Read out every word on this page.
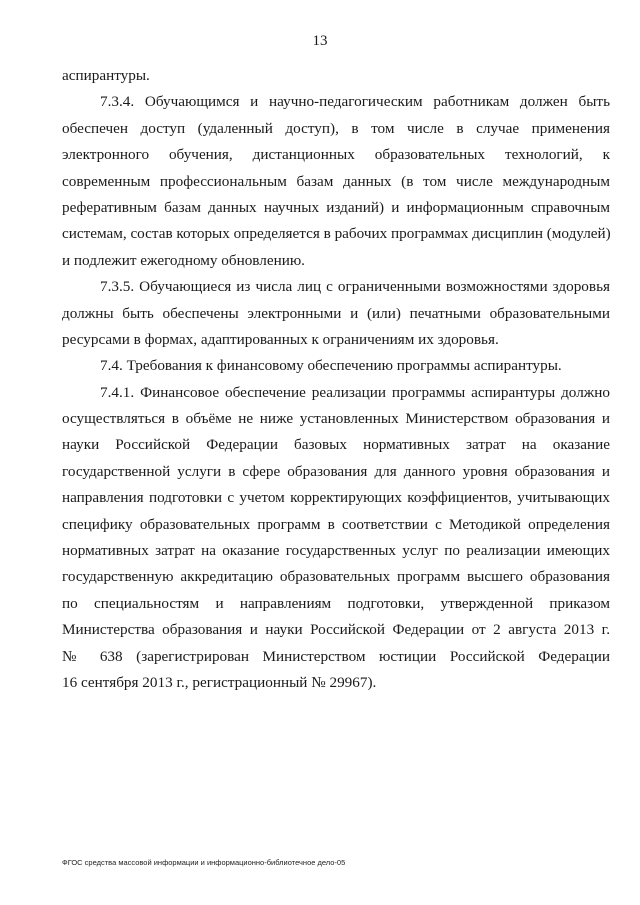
13
аспирантуры.
7.3.4. Обучающимся и научно-педагогическим работникам должен быть
обеспечен доступ (удаленный доступ), в том числе в случае применения
электронного обучения, дистанционных образовательных технологий, к
современным профессиональным базам данных (в том числе международным
реферативным базам данных научных изданий) и информационным справочным
системам, состав которых определяется в рабочих программах дисциплин (модулей)
и подлежит ежегодному обновлению.
7.3.5. Обучающиеся из числа лиц с ограниченными возможностями здоровья
должны быть обеспечены электронными и (или) печатными образовательными
ресурсами в формах, адаптированных к ограничениям их здоровья.
7.4. Требования к финансовому обеспечению программы аспирантуры.
7.4.1. Финансовое обеспечение реализации программы аспирантуры должно
осуществляться в объёме не ниже установленных Министерством образования и
науки Российской Федерации базовых нормативных затрат на оказание
государственной услуги в сфере образования для данного уровня образования и
направления подготовки с учетом корректирующих коэффициентов, учитывающих
специфику образовательных программ в соответствии с Методикой определения
нормативных затрат на оказание государственных услуг по реализации имеющих
государственную аккредитацию образовательных программ высшего образования
по специальностям и направлениям подготовки, утвержденной приказом
Министерства образования и науки Российской Федерации от 2 августа 2013 г.
№ 638 (зарегистрирован Министерством юстиции Российской Федерации
16 сентября 2013 г., регистрационный № 29967).
ФГОС средства массовой информации и информационно-библиотечное дело-05
